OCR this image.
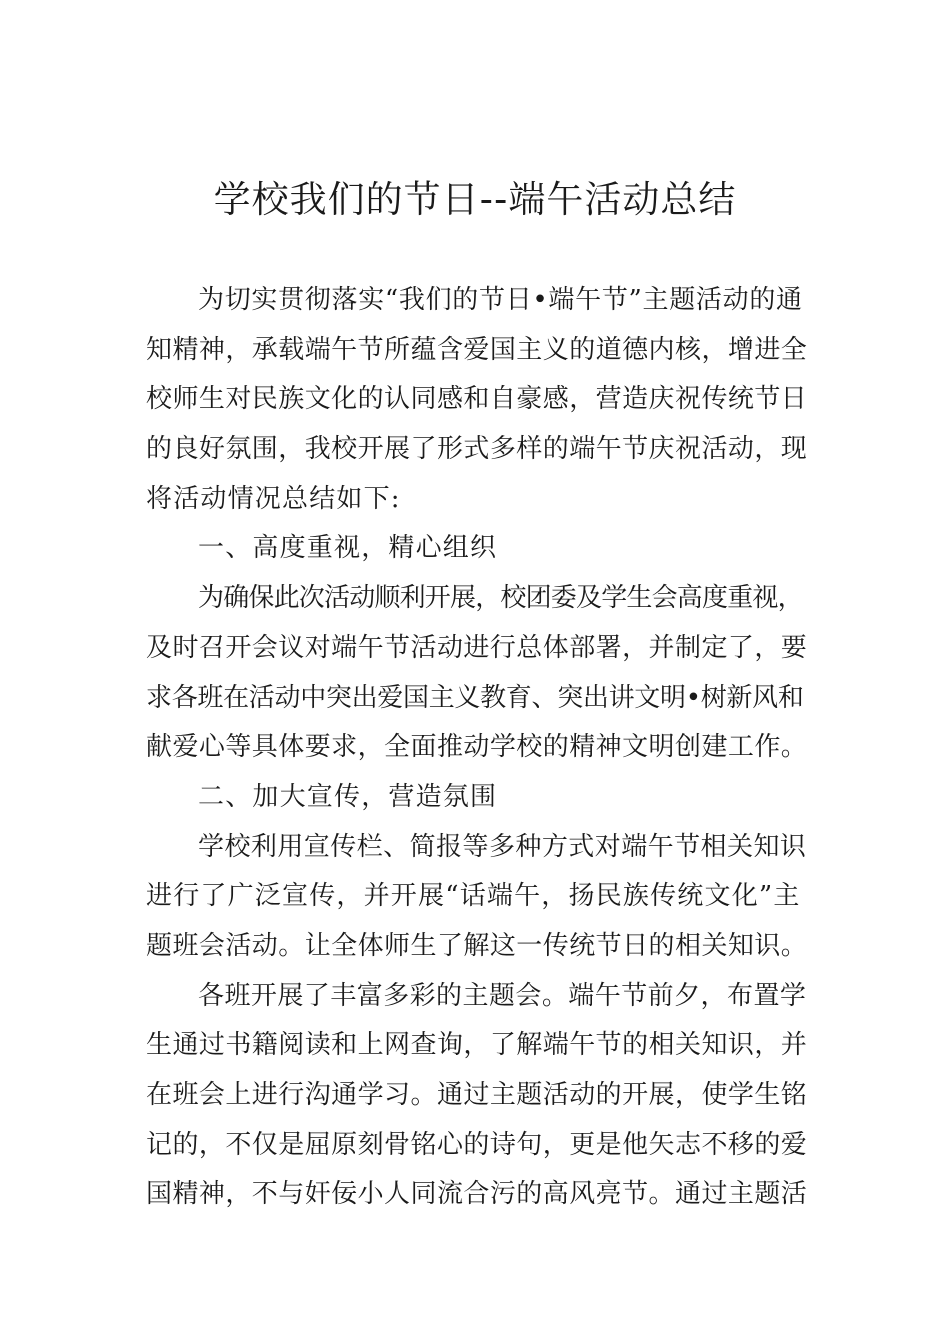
学校我们的节日--端午活动总结
为切实贯彻落实“我们的节日•端午节”主题活动的通
知精神，承载端午节所蕴含爱国主义的道德内核，增进全
校师生对民族文化的认同感和自豪感，营造庆祝传统节日
的良好氛围，我校开展了形式多样的端午节庆祝活动，现
将活动情况总结如下:
一、高度重视，精心组织
为确保此次活动顺利开展，校团委及学生会高度重视，
及时召开会议对端午节活动进行总体部署，并制定了，要
求各班在活动中突出爱国主义教育、突出讲文明•树新风和
献爱心等具体要求，全面推动学校的精神文明创建工作。
二、加大宣传，营造氛围
学校利用宣传栏、简报等多种方式对端午节相关知识
进行了广泛宣传，并开展“话端午，扬民族传统文化”主
题班会活动。让全体师生了解这一传统节日的相关知识。
各班开展了丰富多彩的主题会。端午节前夕，布置学
生通过书籍阅读和上网查询，了解端午节的相关知识，并
在班会上进行沟通学习。通过主题活动的开展，使学生铭
记的，不仅是屈原刻骨铭心的诗句，更是他矢志不移的爱
国精神，不与奸佞小人同流合污的高风亮节。通过主题活
